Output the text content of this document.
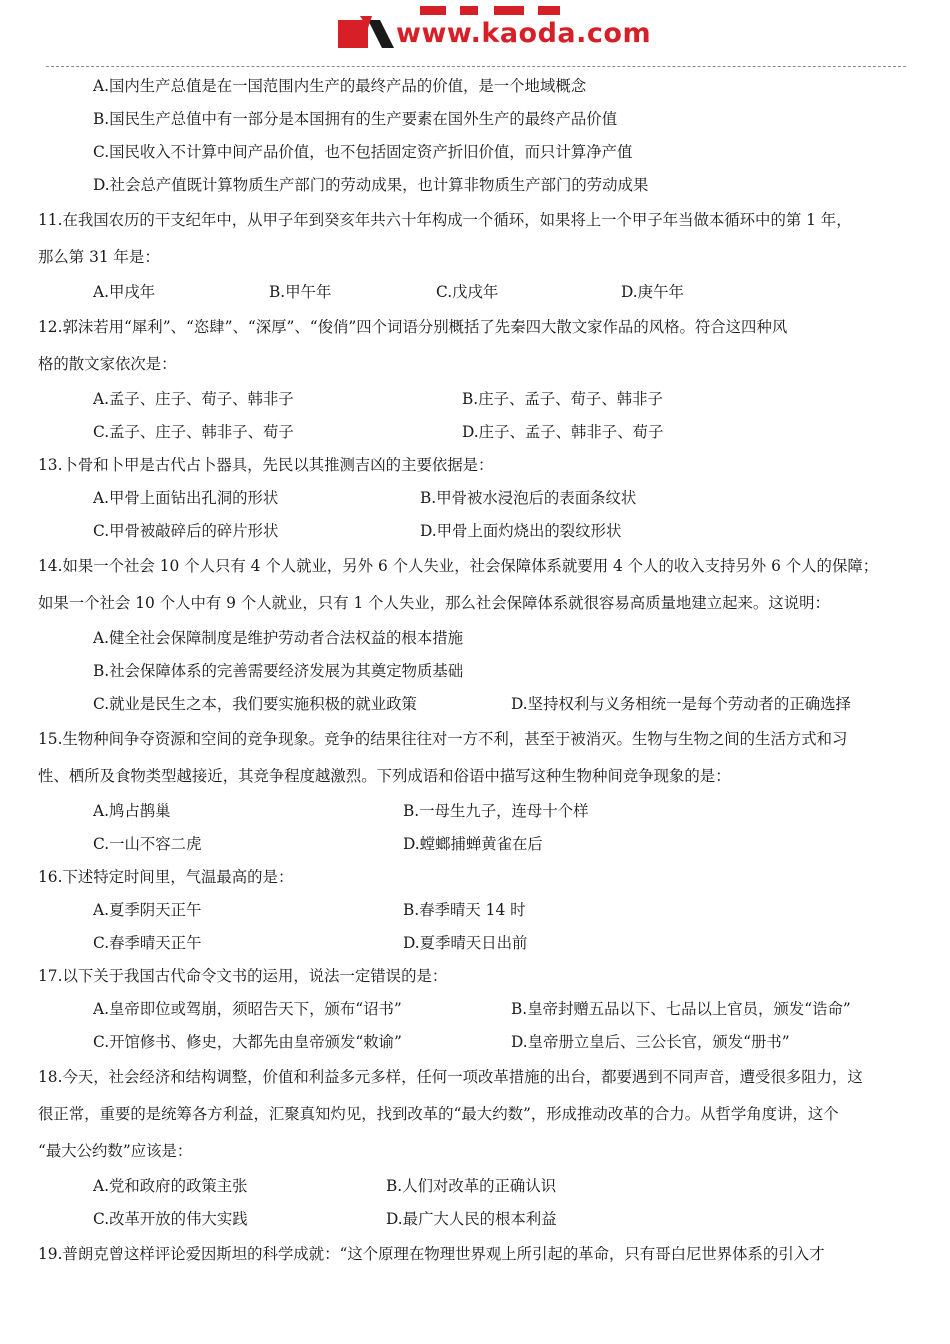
www.kaoda.com
A.国内生产总值是在一国范围内生产的最终产品的价值，是一个地域概念
B.国民生产总值中有一部分是本国拥有的生产要素在国外生产的最终产品价值
C.国民收入不计算中间产品价值，也不包括固定资产折旧价值，而只计算净产值
D.社会总产值既计算物质生产部门的劳动成果，也计算非物质生产部门的劳动成果
11.在我国农历的干支纪年中，从甲子年到癸亥年共六十年构成一个循环，如果将上一个甲子年当做本循环中的第 1 年，
那么第 31 年是：
A.甲戌年	B.甲午年	C.戊戌年	D.庚午年
12.郭沫若用“犀利”、“恣肆”、“深厚”、“俊俏”四个词语分别概括了先秦四大散文家作品的风格。符合这四种风
格的散文家依次是：
A.孟子、庄子、荀子、韩非子	B.庄子、孟子、荀子、韩非子
C.孟子、庄子、韩非子、荀子	D.庄子、孟子、韩非子、荀子
13.卜骨和卜甲是古代占卜器具，先民以其推测吉凶的主要依据是：
A.甲骨上面钻出孔洞的形状	B.甲骨被水浸泡后的表面条纹状
C.甲骨被敲碎后的碎片形状	D.甲骨上面灼烧出的裂纹形状
14.如果一个社会 10 个人只有 4 个人就业，另外 6 个人失业，社会保障体系就要用 4 个人的收入支持另外 6 个人的保障；
如果一个社会 10 个人中有 9 个人就业，只有 1 个人失业，那么社会保障体系就很容易高质量地建立起来。这说明：
A.健全社会保障制度是维护劳动者合法权益的根本措施
B.社会保障体系的完善需要经济发展为其奠定物质基础
C.就业是民生之本，我们要实施积极的就业政策	D.坚持权利与义务相统一是每个劳动者的正确选择
15.生物种间争夺资源和空间的竞争现象。竞争的结果往往对一方不利，甚至于被消灭。生物与生物之间的生活方式和习
性、栖所及食物类型越接近，其竞争程度越激烈。下列成语和俗语中描写这种生物种间竞争现象的是：
A.鸠占鹊巢	B.一母生九子，连母十个样
C.一山不容二虎	D.螳螂捕蝉黄雀在后
16.下述特定时间里，气温最高的是：
A.夏季阴天正午	B.春季晴天 14 时
C.春季晴天正午	D.夏季晴天日出前
17.以下关于我国古代命令文书的运用，说法一定错误的是：
A.皇帝即位或驾崩，须昭告天下，颁布“诏书”	B.皇帝封赠五品以下、七品以上官员，颁发“诰命”
C.开馆修书、修史，大都先由皇帝颁发“敕谕”	D.皇帝册立皇后、三公长官，颁发“册书”
18.今天，社会经济和结构调整，价值和利益多元多样，任何一项改革措施的出台，都要遇到不同声音，遭受很多阻力，这
很正常，重要的是统筹各方利益，汇聚真知灼见，找到改革的“最大约数”，形成推动改革的合力。从哲学角度讲，这个
“最大公约数”应该是：
A.党和政府的政策主张	B.人们对改革的正确认识
C.改革开放的伟大实践	D.最广大人民的根本利益
19.普朗克曾这样评论爱因斯坦的科学成就：“这个原理在物理世界观上所引起的革命，只有哥白尼世界体系的引入才
